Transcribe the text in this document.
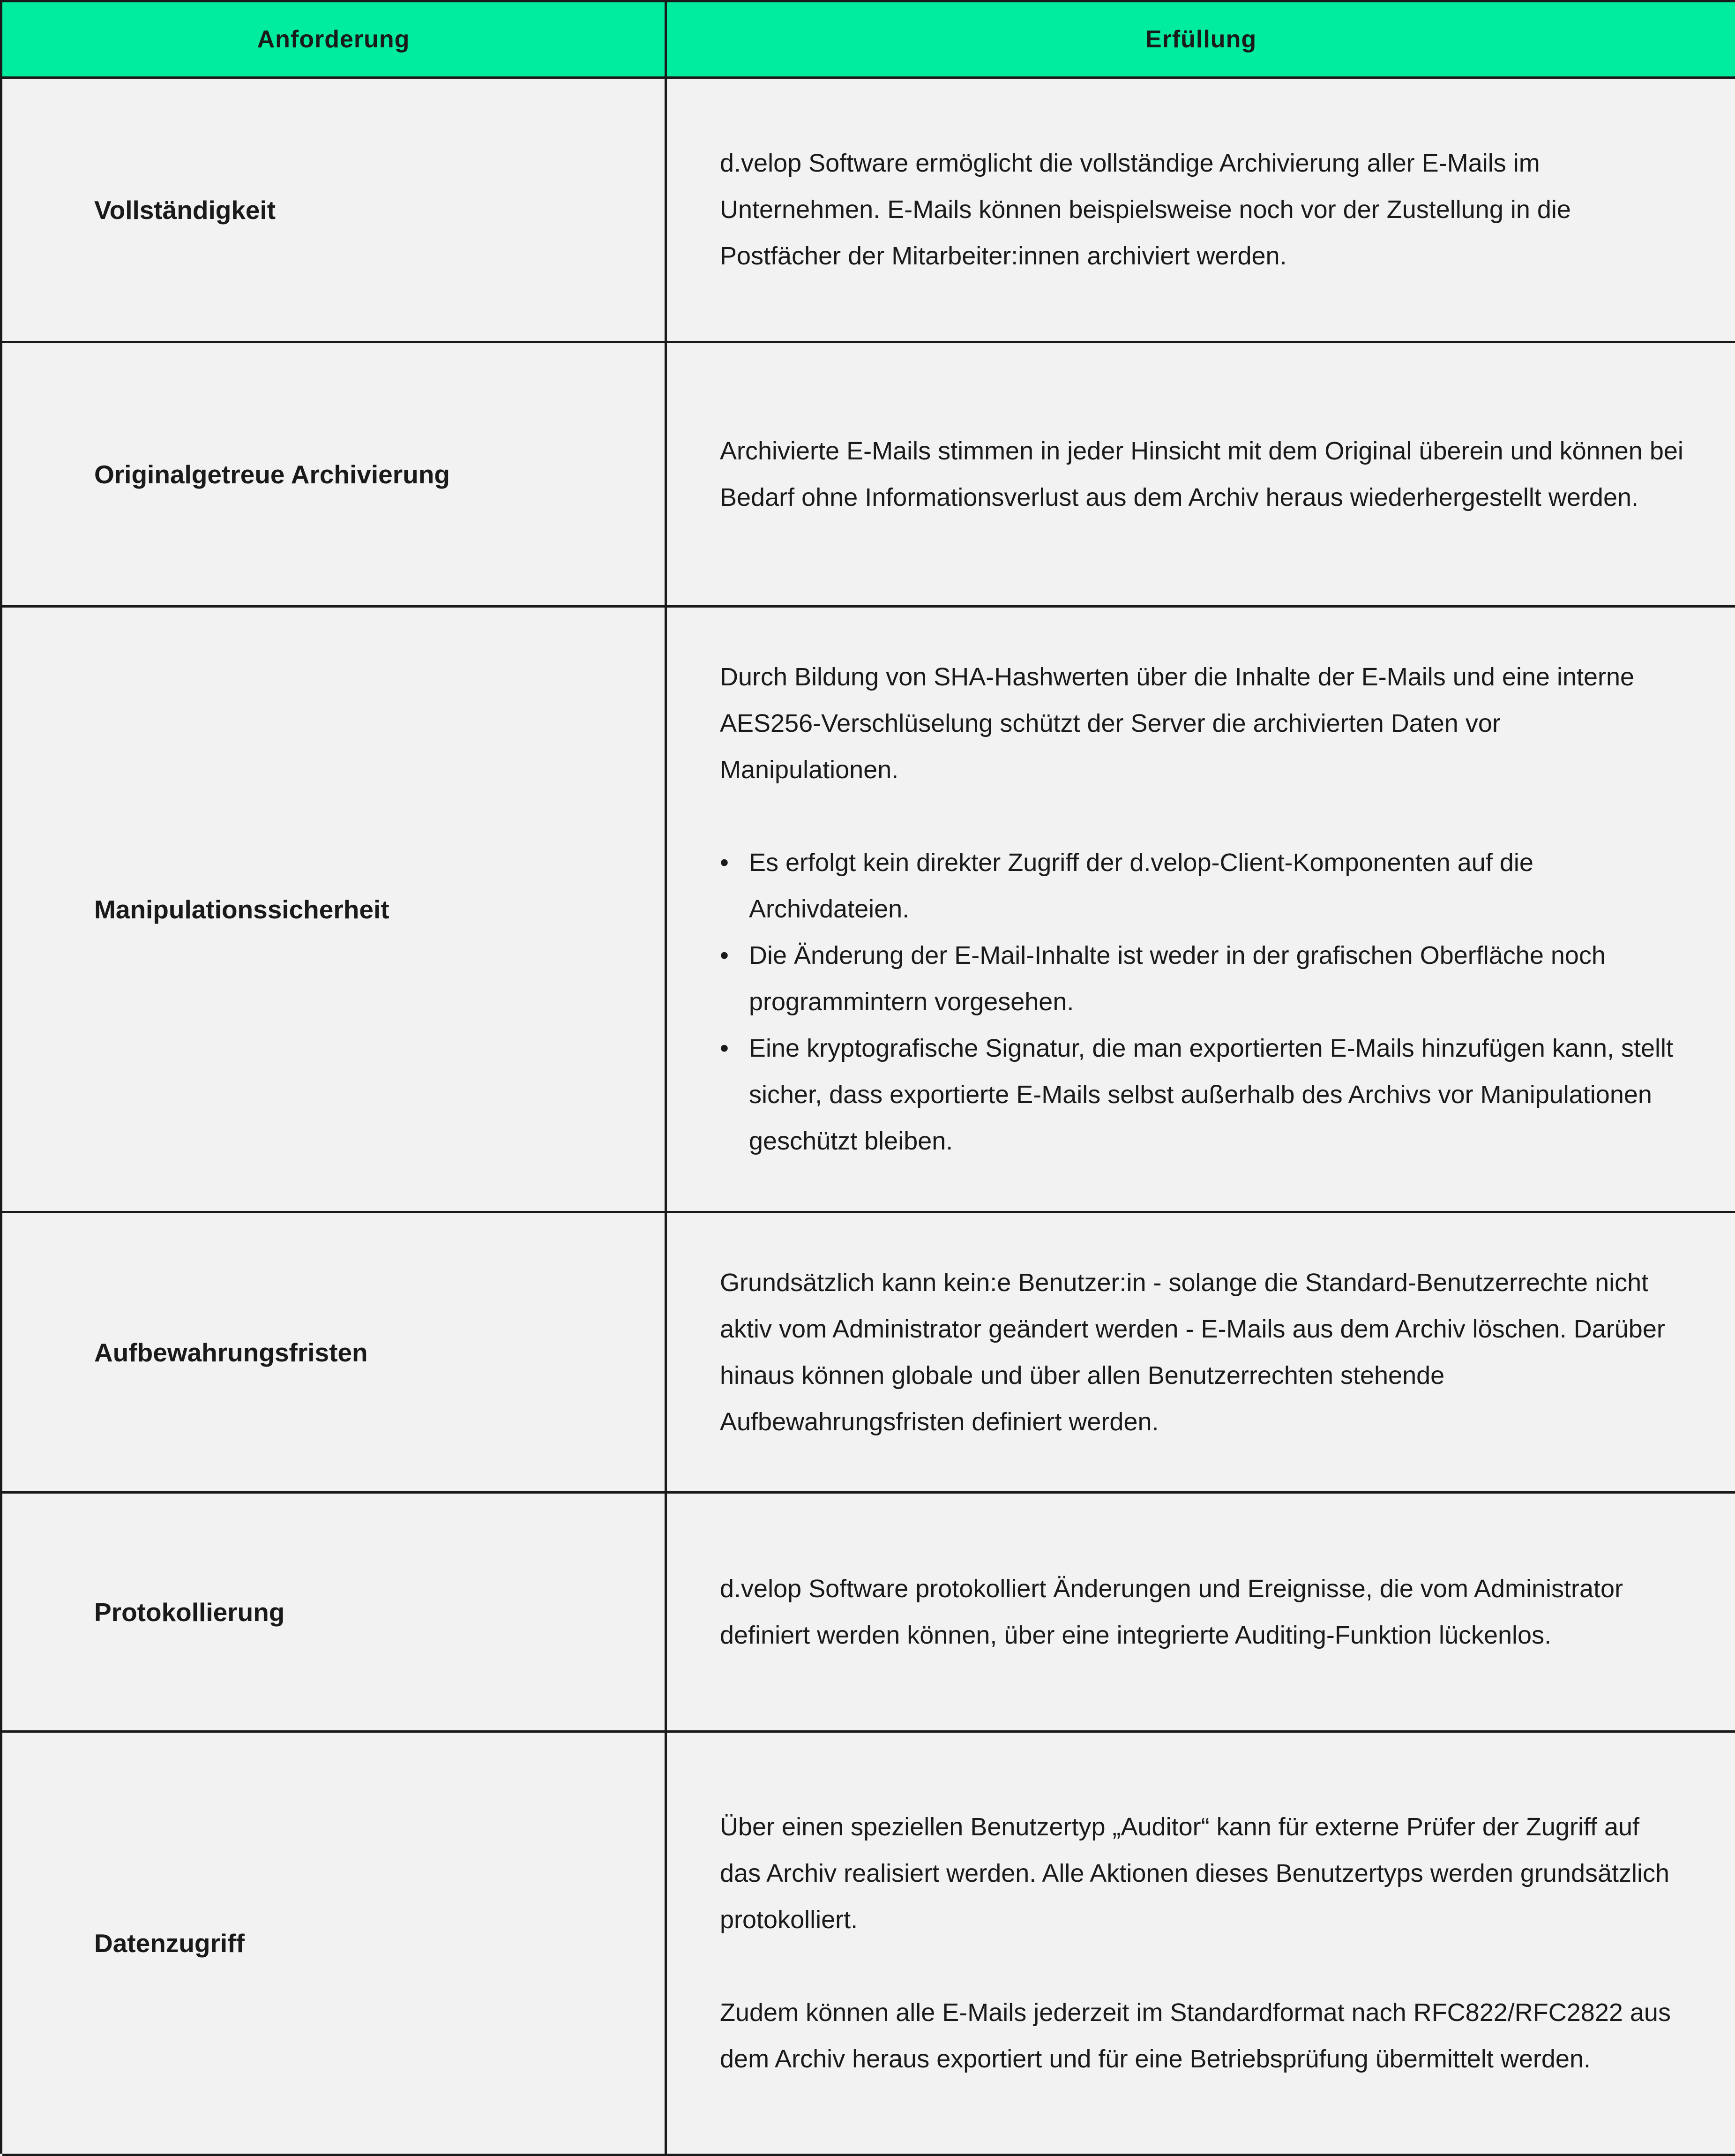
Anforderung	Erfüllung
Vollständigkeit

d.velop Software ermöglicht die vollständige Archivierung aller E-Mails im Unternehmen. E-Mails können beispielsweise noch vor der Zustellung in die Postfächer der Mitarbeiter:innen archiviert werden.

Originalgetreue Archivierung

Archivierte E-Mails stimmen in jeder Hinsicht mit dem Original überein und können bei Bedarf ohne Informationsverlust aus dem Archiv heraus wiederhergestellt werden.

Manipulationssicherheit

Durch Bildung von SHA-Hashwerten über die Inhalte der E-Mails und eine interne AES256-Verschlüselung schützt der Server die archivierten Daten vor Manipulationen.

• Es erfolgt kein direkter Zugriff der d.velop-Client-Komponenten auf die Archivdateien.
• Die Änderung der E-Mail-Inhalte ist weder in der grafischen Oberfläche noch programmintern vorgesehen.
• Eine kryptografische Signatur, die man exportierten E-Mails hinzufügen kann, stellt sicher, dass exportierte E-Mails selbst außerhalb des Archivs vor Manipulationen geschützt bleiben.
Aufbewahrungsfristen

Grundsätzlich kann kein:e Benutzer:in - solange die Standard-Benutzerrechte nicht aktiv vom Administrator geändert werden - E-Mails aus dem Archiv löschen. Darüber hinaus können globale und über allen Benutzerrechten stehende Aufbewahrungsfristen definiert werden.

Protokollierung

d.velop Software protokolliert Änderungen und Ereignisse, die vom Administrator definiert werden können, über eine integrierte Auditing-Funktion lückenlos.

Datenzugriff

Über einen speziellen Benutzertyp „Auditor“ kann für externe Prüfer der Zugriff auf das Archiv realisiert werden. Alle Aktionen dieses Benutzertyps werden grundsätzlich protokolliert.

Zudem können alle E-Mails jederzeit im Standardformat nach RFC822/RFC2822 aus dem Archiv heraus exportiert und für eine Betriebsprüfung übermittelt werden.
